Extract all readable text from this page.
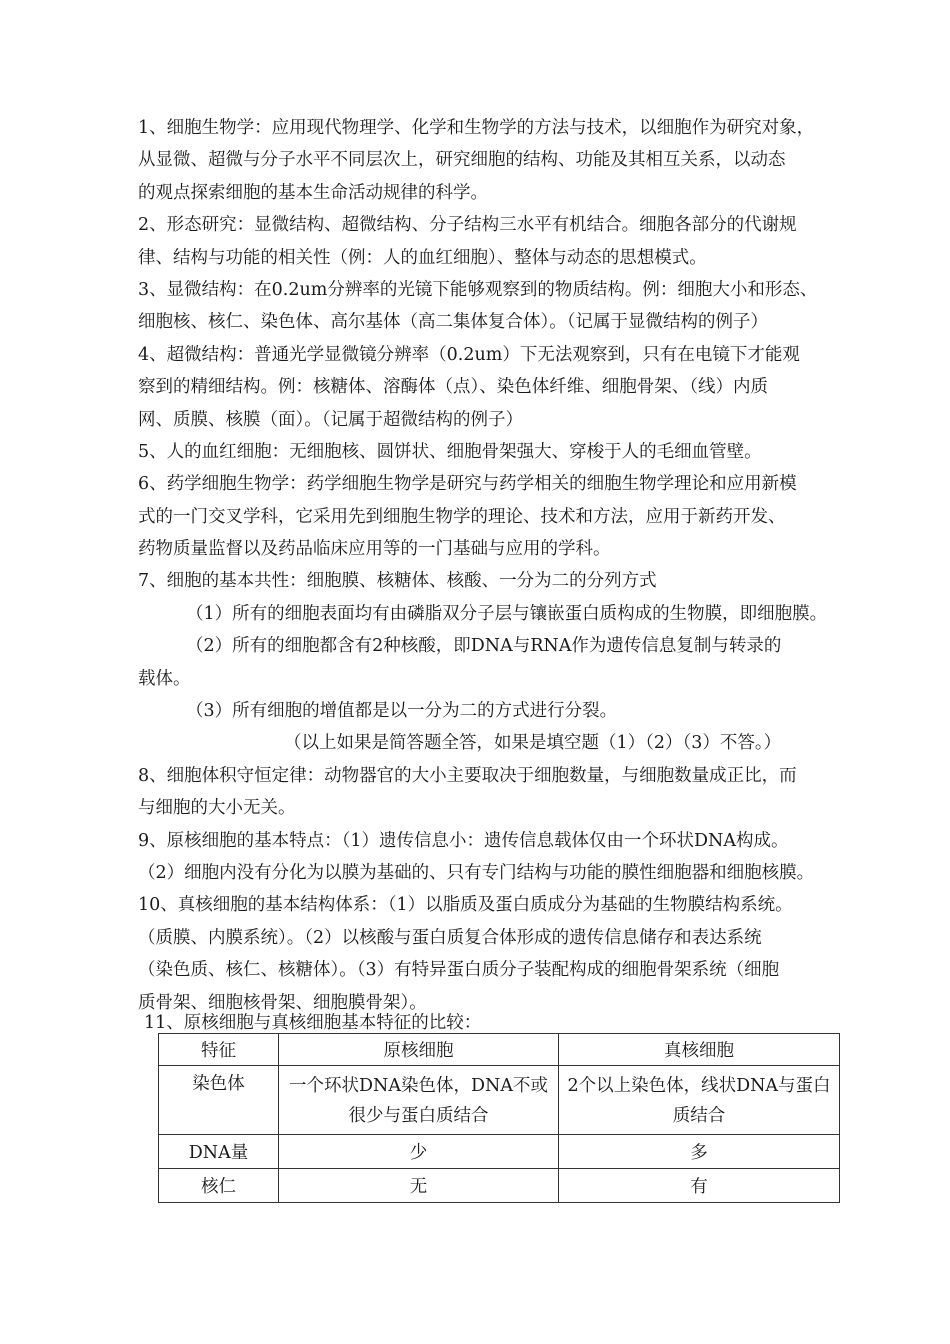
1、细胞生物学：应用现代物理学、化学和生物学的方法与技术，以细胞作为研究对象，
从显微、超微与分子水平不同层次上，研究细胞的结构、功能及其相互关系，以动态
的观点探索细胞的基本生命活动规律的科学。
2、形态研究：显微结构、超微结构、分子结构三水平有机结合。细胞各部分的代谢规
律、结构与功能的相关性（例：人的血红细胞）、整体与动态的思想模式。
3、显微结构：在0.2um分辨率的光镜下能够观察到的物质结构。例：细胞大小和形态、
细胞核、核仁、染色体、高尔基体（高二集体复合体）。（记属于显微结构的例子）
4、超微结构：普通光学显微镜分辨率（0.2um）下无法观察到，只有在电镜下才能观
察到的精细结构。例：核糖体、溶酶体（点）、染色体纤维、细胞骨架、（线）内质
网、质膜、核膜（面）。（记属于超微结构的例子）
5、人的血红细胞：无细胞核、圆饼状、细胞骨架强大、穿梭于人的毛细血管壁。
6、药学细胞生物学：药学细胞生物学是研究与药学相关的细胞生物学理论和应用新模
式的一门交叉学科，它采用先到细胞生物学的理论、技术和方法，应用于新药开发、
药物质量监督以及药品临床应用等的一门基础与应用的学科。
7、细胞的基本共性：细胞膜、核糖体、核酸、一分为二的分列方式
（1）所有的细胞表面均有由磷脂双分子层与镶嵌蛋白质构成的生物膜，即细胞膜。
（2）所有的细胞都含有2种核酸，即DNA与RNA作为遗传信息复制与转录的
载体。
（3）所有细胞的增值都是以一分为二的方式进行分裂。
（以上如果是简答题全答，如果是填空题（1）（2）（3）不答。）
8、细胞体积守恒定律：动物器官的大小主要取决于细胞数量，与细胞数量成正比，而
与细胞的大小无关。
9、原核细胞的基本特点：（1）遗传信息小：遗传信息载体仅由一个环状DNA构成。
（2）细胞内没有分化为以膜为基础的、只有专门结构与功能的膜性细胞器和细胞核膜。
10、真核细胞的基本结构体系：（1）以脂质及蛋白质成分为基础的生物膜结构系统。
（质膜、内膜系统）。（2）以核酸与蛋白质复合体形成的遗传信息储存和表达系统
（染色质、核仁、核糖体）。（3）有特异蛋白质分子装配构成的细胞骨架系统（细胞
质骨架、细胞核骨架、细胞膜骨架）。
11、原核细胞与真核细胞基本特征的比较：
特征	原核细胞	真核细胞
染色体	一个环状DNA染色体，DNA不或很少与蛋白质结合	2个以上染色体，线状DNA与蛋白质结合
DNA量	少	多
核仁	无	有
